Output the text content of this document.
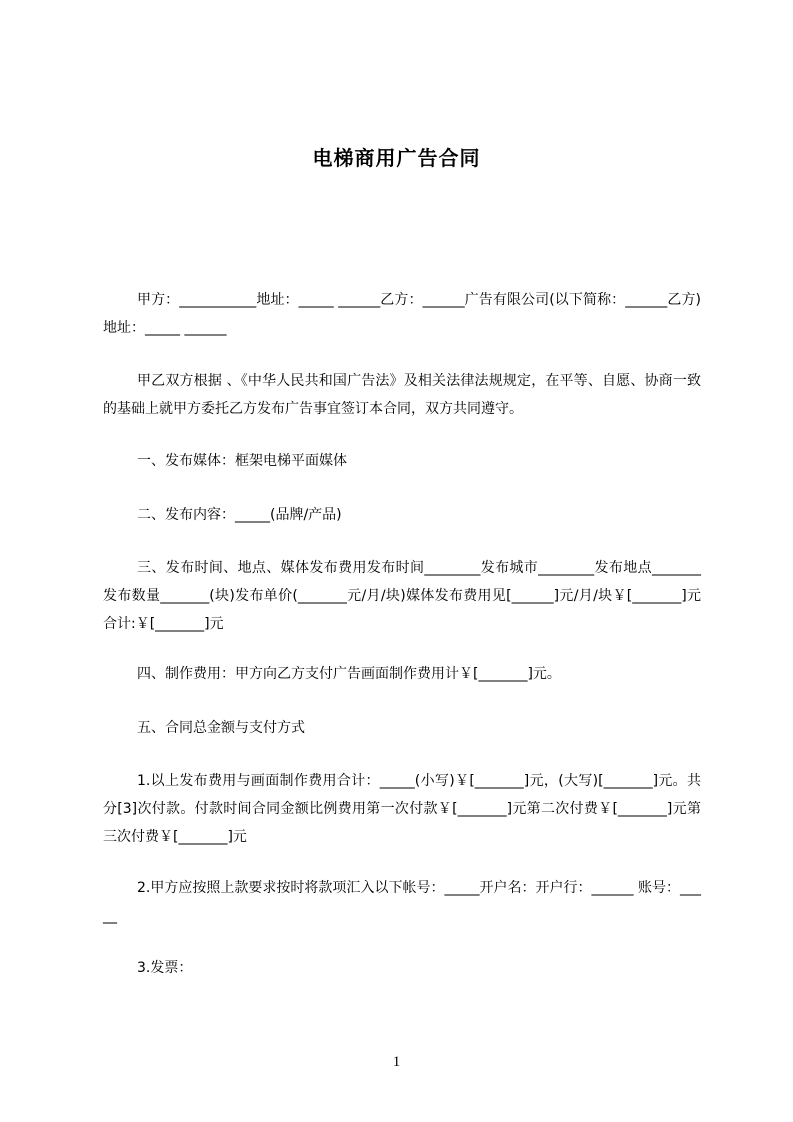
电梯商用广告合同
甲方：___________地址：_____ ______乙方：______广告有限公司(以下简称：______乙方)地址：_____ ______
甲乙双方根据 、《中华人民共和国广告法》及相关法律法规规定，在平等、自愿、协商一致的基础上就甲方委托乙方发布广告事宜签订本合同，双方共同遵守。
一、发布媒体：框架电梯平面媒体
二、发布内容：_____(品牌/产品)
三、发布时间、地点、媒体发布费用发布时间________发布城市________发布地点_______发布数量_______(块)发布单价(_______元/月/块)媒体发布费用见[______]元/月/块￥[_______]元合计:￥[_______]元
四、制作费用：甲方向乙方支付广告画面制作费用计￥[_______]元。
五、合同总金额与支付方式
1.以上发布费用与画面制作费用合计：_____(小写)￥[_______]元，(大写)[_______]元。共分[3]次付款。付款时间合同金额比例费用第一次付款￥[_______]元第二次付费￥[_______]元第三次付费￥[_______]元
2.甲方应按照上款要求按时将款项汇入以下帐号：_____开户名：开户行：______ 账号：_____
3.发票：
1
